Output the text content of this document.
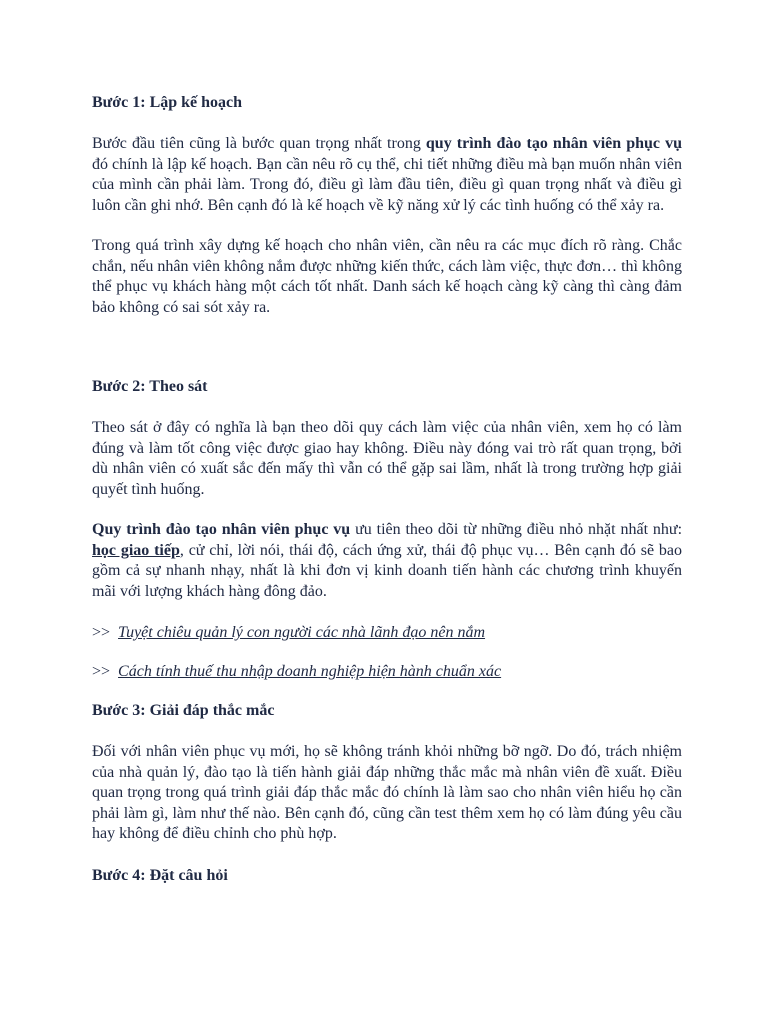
Bước 1: Lập kế hoạch

Bước đầu tiên cũng là bước quan trọng nhất trong quy trình đào tạo nhân viên phục vụ đó chính là lập kế hoạch. Bạn cần nêu rõ cụ thể, chi tiết những điều mà bạn muốn nhân viên của mình cần phải làm. Trong đó, điều gì làm đầu tiên, điều gì quan trọng nhất và điều gì luôn cần ghi nhớ. Bên cạnh đó là kế hoạch về kỹ năng xử lý các tình huống có thể xảy ra.

Trong quá trình xây dựng kế hoạch cho nhân viên, cần nêu ra các mục đích rõ ràng. Chắc chắn, nếu nhân viên không nắm được những kiến thức, cách làm việc, thực đơn… thì không thể phục vụ khách hàng một cách tốt nhất. Danh sách kế hoạch càng kỹ càng thì càng đảm bảo không có sai sót xảy ra.

Bước 2: Theo sát

Theo sát ở đây có nghĩa là bạn theo dõi quy cách làm việc của nhân viên, xem họ có làm đúng và làm tốt công việc được giao hay không. Điều này đóng vai trò rất quan trọng, bởi dù nhân viên có xuất sắc đến mấy thì vẫn có thể gặp sai lầm, nhất là trong trường hợp giải quyết tình huống.

Quy trình đào tạo nhân viên phục vụ ưu tiên theo dõi từ những điều nhỏ nhặt nhất như: học giao tiếp, cử chỉ, lời nói, thái độ, cách ứng xử, thái độ phục vụ… Bên cạnh đó sẽ bao gồm cả sự nhanh nhạy, nhất là khi đơn vị kinh doanh tiến hành các chương trình khuyến mãi với lượng khách hàng đông đảo.

>> Tuyệt chiêu quản lý con người các nhà lãnh đạo nên nắm
>> Cách tính thuế thu nhập doanh nghiệp hiện hành chuẩn xác
Bước 3: Giải đáp thắc mắc

Đối với nhân viên phục vụ mới, họ sẽ không tránh khỏi những bỡ ngỡ. Do đó, trách nhiệm của nhà quản lý, đào tạo là tiến hành giải đáp những thắc mắc mà nhân viên đề xuất. Điều quan trọng trong quá trình giải đáp thắc mắc đó chính là làm sao cho nhân viên hiểu họ cần phải làm gì, làm như thế nào. Bên cạnh đó, cũng cần test thêm xem họ có làm đúng yêu cầu hay không để điều chỉnh cho phù hợp.

Bước 4: Đặt câu hỏi
